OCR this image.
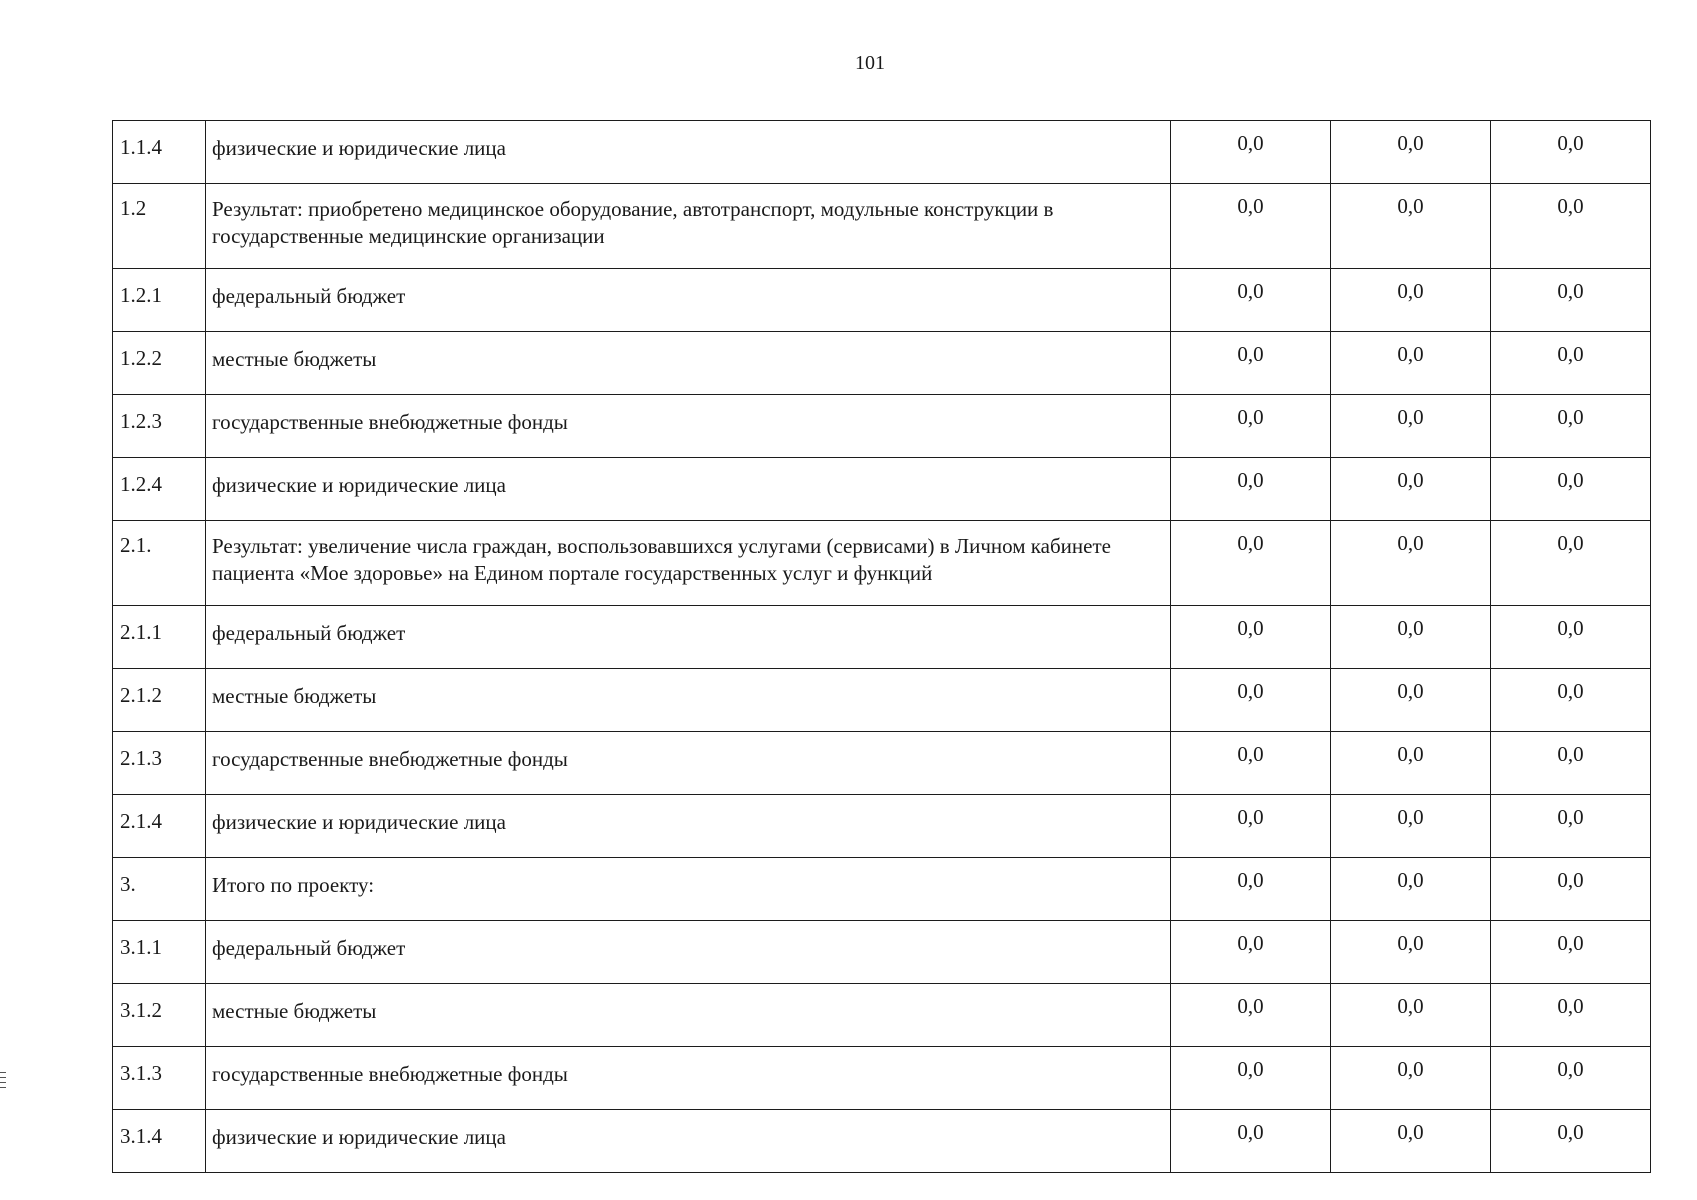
101
1.1.4	физические и юридические лица	0,0	0,0	0,0
1.2	Результат: приобретено медицинское оборудование, автотранспорт, модульные конструкции в государственные медицинские организации	0,0	0,0	0,0
1.2.1	федеральный бюджет	0,0	0,0	0,0
1.2.2	местные бюджеты	0,0	0,0	0,0
1.2.3	государственные внебюджетные фонды	0,0	0,0	0,0
1.2.4	физические и юридические лица	0,0	0,0	0,0
2.1.	Результат: увеличение числа граждан, воспользовавшихся услугами (сервисами) в Личном кабинете пациента «Мое здоровье» на Едином портале государственных услуг и функций	0,0	0,0	0,0
2.1.1	федеральный бюджет	0,0	0,0	0,0
2.1.2	местные бюджеты	0,0	0,0	0,0
2.1.3	государственные внебюджетные фонды	0,0	0,0	0,0
2.1.4	физические и юридические лица	0,0	0,0	0,0
3.	Итого по проекту:	0,0	0,0	0,0
3.1.1	федеральный бюджет	0,0	0,0	0,0
3.1.2	местные бюджеты	0,0	0,0	0,0
3.1.3	государственные внебюджетные фонды	0,0	0,0	0,0
3.1.4	физические и юридические лица	0,0	0,0	0,0
